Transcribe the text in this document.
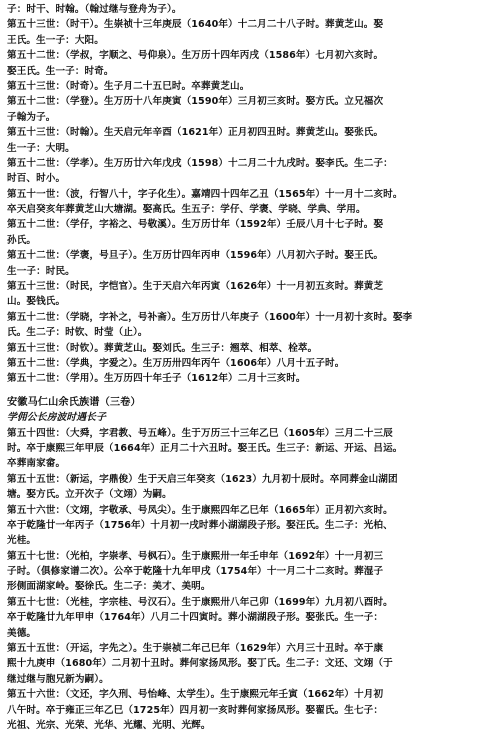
子：时干、时翰。（翰过继与登舟为子）。
第五十三世：（时干）。生崇祯十三年庚辰（1640年）十二月二十八子时。葬黄芝山。娶
王氏。生一子：大阳。
第五十二世：（学叔，字顺之、号仰泉）。生万历十四年丙戌（1586年）七月初六亥时。
娶王氏。生一子：时奇。
第五十三世：（时奇）。生子月二十五巳时。卒葬黄芝山。
第五十二世：（学登）。生万历十八年庚寅（1590年）三月初三亥时。娶方氏。立兄福次
子翰为子。
第五十三世：（时翰）。生天启元年辛酉（1621年）正月初四丑时。葬黄芝山。娶张氏。
生一子：大明。
第五十二世：（学孝）。生万历廿六年戊戌（1598）十二月二十九戌时。娶李氏。生二子：
时百、时小。
第五十一世：（波，行智八十，字子化生）。嘉靖四十四年乙丑（1565年）十一月十二亥时。
卒天启癸亥年葬黄芝山大塘湖。娶高氏。生五子：学仔、学褒、学晓、学典、学用。
第五十二世：（学仔，字裕之、号敬溪）。生万历廿年（1592年）壬辰八月十七子时。娶
孙氏。
第五十二世：（学褒，号旦子）。生万历廿四年丙申（1596年）八月初六子时。娶王氏。
生一子：时民。
第五十三世：（时民，字恺官）。生于天启六年丙寅（1626年）十一月初五亥时。葬黄芝
山。娶钱氏。
第五十二世：（学晓，字补之，号补斋）。生万历廿八年庚子（1600年）十一月初十亥时。娶李
氏。生二子：时钦、时莹（止）。
第五十三世：（时钦）。葬黄芝山。娶刘氏。生三子：翘萃、相萃、栓萃。
第五十二世：（学典，字爱之）。生万历卅四年丙午（1606年）八月十五子时。
第五十二世：（学用）。生万历四十年壬子（1612年）二月十三亥时。
安徽马仁山余氏族谱（三卷）
学佣公长房波时遇长子
第五十四世：（大舜，字君教、号五峰）。生于万历三十三年乙巳（1605年）三月二十三辰
时。卒于康熙三年甲辰（1664年）正月二十六丑时。娶王氏。生三子：新运、开运、吕运。
卒葬南家畲。
第五十五世：（新运，字鼎俊）生于天启三年癸亥（1623）九月初十辰时。卒同葬金山湖团
塘。娶方氏。立开次子（文翊）为嗣。
第五十六世：（文翊，字敬承、号凤尖）。生于康熙四年乙巳年（1665年）正月初六亥时。
卒于乾隆廿一年丙子（1756年）十月初一戌时葬小湖湖段子形。娶汪氏。生二子：光柏、
光桂。
第五十七世：（光柏，字崇孝、号枫石）。生于康熙卅一年壬申年（1692年）十一月初三
子时。（俱修家谱二次）。公卒于乾隆十九年甲戌（1754年）十一月二十二亥时。葬湿子
形侧面湖家岭。娶徐氏。生二子：美才、美明。
第五十七世：（光桂，字宗桂、号汉石）。生于康熙卅八年己卯（1699年）九月初八酉时。
卒于乾隆廿九年甲申（1764年）八月二十四寅时。葬小湖湖段子形。娶张氏。生一子：
美德。
第五十五世：（开运，字先之）。生于崇祯二年己巳年（1629年）六月三十丑时。卒于康
熙十九庚申（1680年）二月初十丑时。葬何家扬凤形。娶丁氏。生二子：文还、文翊（于
继过继与胞兄新为嗣）。
第五十六世：（文还，字久刑、号怡峰、太学生）。生于康熙元年壬寅（1662年）十月初
八午时。卒于雍正三年乙巳（1725年）四月初一亥时葬何家扬凤形。娶翟氏。生七子：
光祖、光宗、光荣、光华、光耀、光明、光辉。
